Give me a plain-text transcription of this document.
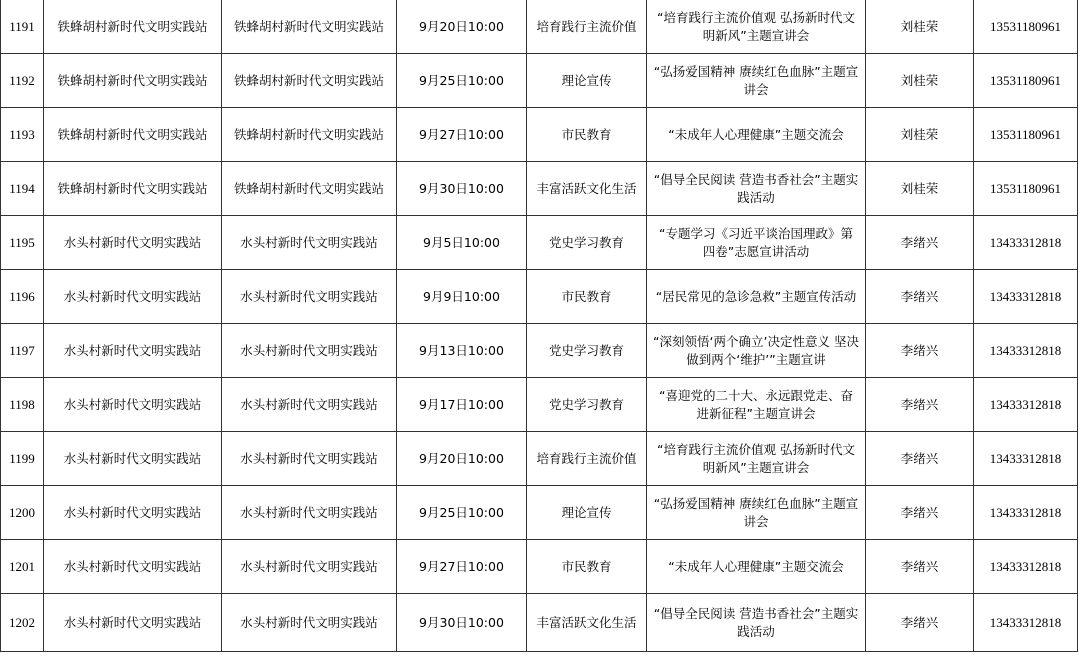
1191	铁蜂胡村新时代文明实践站	铁蜂胡村新时代文明实践站	9月20日10:00	培育践行主流价值	“培育践行主流价值观 弘扬新时代文明新风”主题宣讲会	刘桂荣	13531180961
1192	铁蜂胡村新时代文明实践站	铁蜂胡村新时代文明实践站	9月25日10:00	理论宣传	“弘扬爱国精神 赓续红色血脉”主题宣讲会	刘桂荣	13531180961
1193	铁蜂胡村新时代文明实践站	铁蜂胡村新时代文明实践站	9月27日10:00	市民教育	“未成年人心理健康”主题交流会	刘桂荣	13531180961
1194	铁蜂胡村新时代文明实践站	铁蜂胡村新时代文明实践站	9月30日10:00	丰富活跃文化生活	“倡导全民阅读 营造书香社会”主题实践活动	刘桂荣	13531180961
1195	水头村新时代文明实践站	水头村新时代文明实践站	9月5日10:00	党史学习教育	“专题学习《习近平谈治国理政》第四卷”志愿宣讲活动	李绪兴	13433312818
1196	水头村新时代文明实践站	水头村新时代文明实践站	9月9日10:00	市民教育	“居民常见的急诊急救”主题宣传活动	李绪兴	13433312818
1197	水头村新时代文明实践站	水头村新时代文明实践站	9月13日10:00	党史学习教育	“深刻领悟‘两个确立’决定性意义 坚决做到两个‘维护’”主题宣讲	李绪兴	13433312818
1198	水头村新时代文明实践站	水头村新时代文明实践站	9月17日10:00	党史学习教育	“喜迎党的二十大、永远跟党走、奋进新征程”主题宣讲会	李绪兴	13433312818
1199	水头村新时代文明实践站	水头村新时代文明实践站	9月20日10:00	培育践行主流价值	“培育践行主流价值观 弘扬新时代文明新风”主题宣讲会	李绪兴	13433312818
1200	水头村新时代文明实践站	水头村新时代文明实践站	9月25日10:00	理论宣传	“弘扬爱国精神 赓续红色血脉”主题宣讲会	李绪兴	13433312818
1201	水头村新时代文明实践站	水头村新时代文明实践站	9月27日10:00	市民教育	“未成年人心理健康”主题交流会	李绪兴	13433312818
1202	水头村新时代文明实践站	水头村新时代文明实践站	9月30日10:00	丰富活跃文化生活	“倡导全民阅读 营造书香社会”主题实践活动	李绪兴	13433312818
